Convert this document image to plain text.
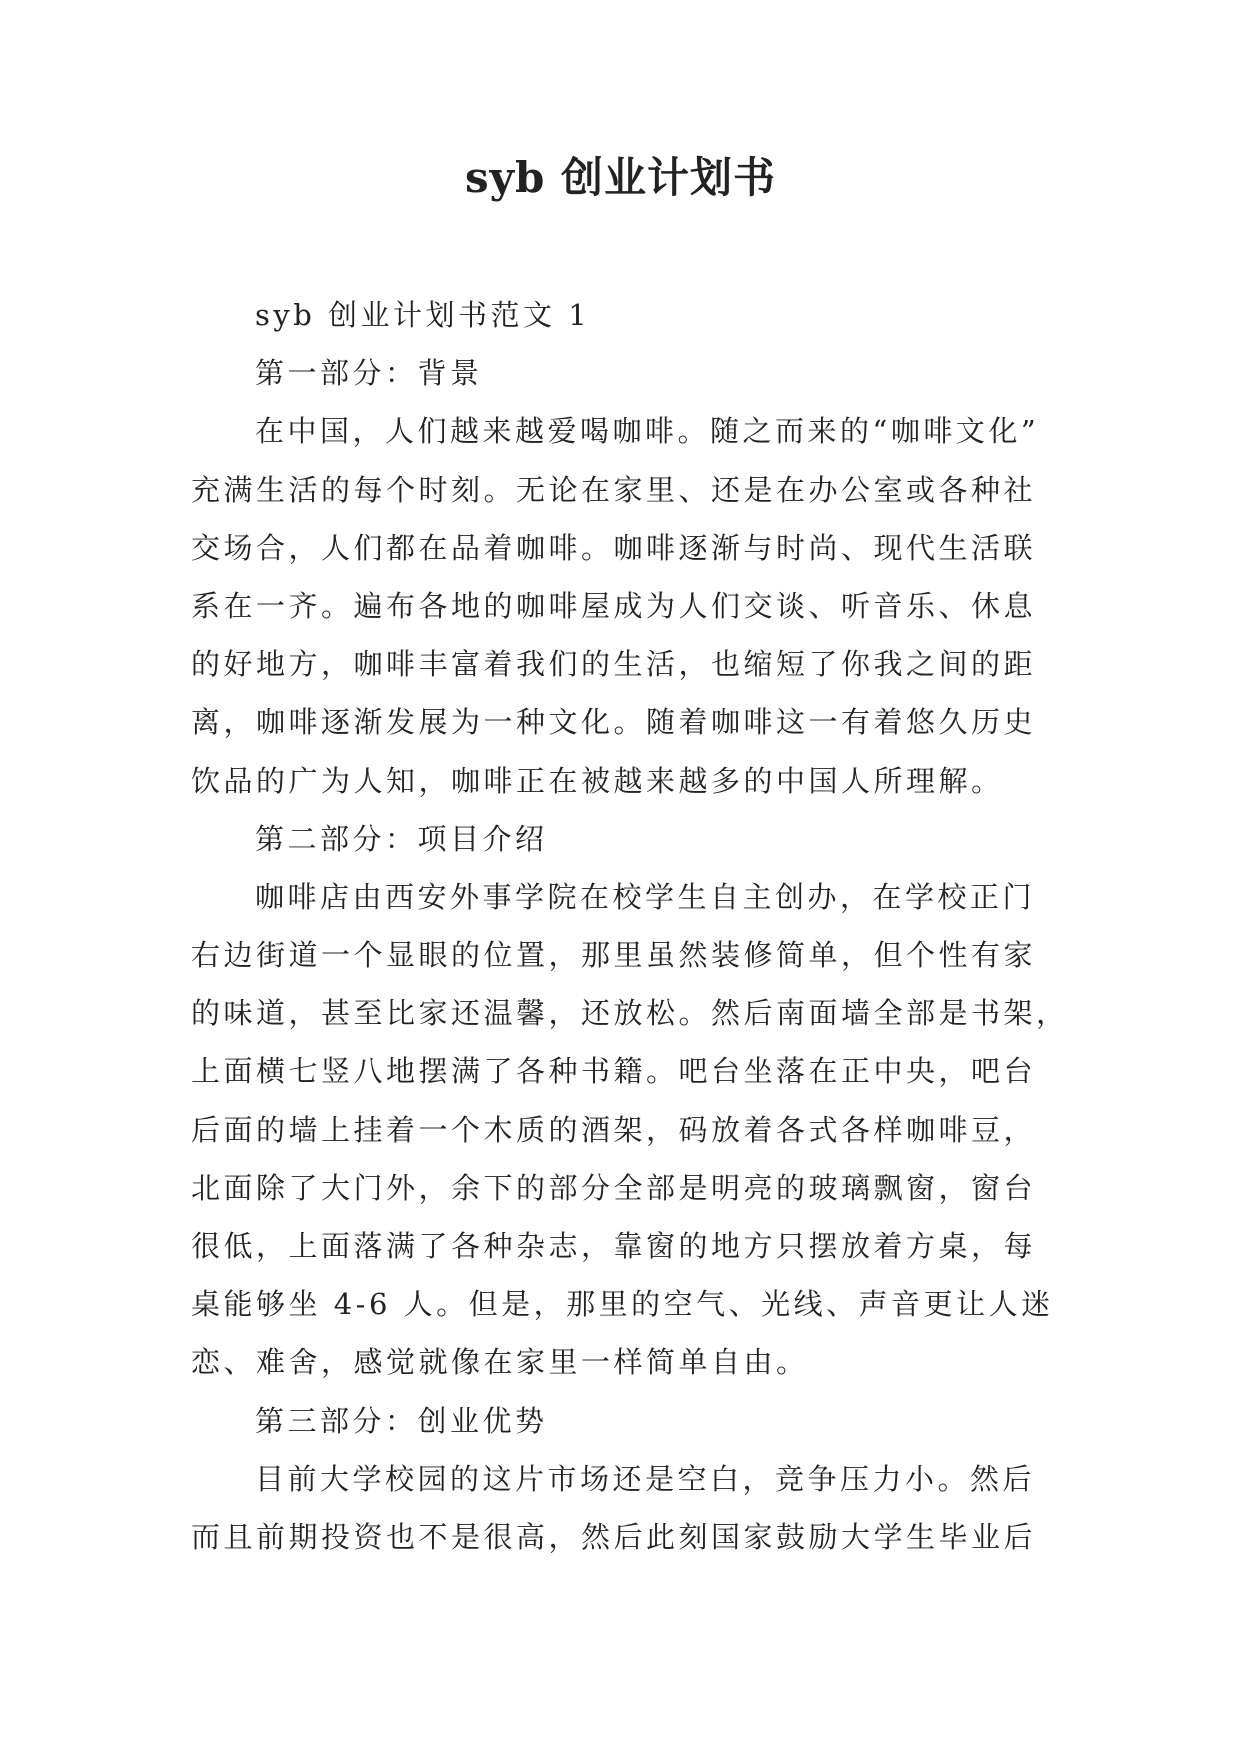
syb 创业计划书
syb 创业计划书范文 1
第一部分：背景
在中国，人们越来越爱喝咖啡。随之而来的“咖啡文化”
充满生活的每个时刻。无论在家里、还是在办公室或各种社
交场合，人们都在品着咖啡。咖啡逐渐与时尚、现代生活联
系在一齐。遍布各地的咖啡屋成为人们交谈、听音乐、休息
的好地方，咖啡丰富着我们的生活，也缩短了你我之间的距
离，咖啡逐渐发展为一种文化。随着咖啡这一有着悠久历史
饮品的广为人知，咖啡正在被越来越多的中国人所理解。
第二部分：项目介绍
咖啡店由西安外事学院在校学生自主创办，在学校正门
右边街道一个显眼的位置，那里虽然装修简单，但个性有家
的味道，甚至比家还温馨，还放松。然后南面墙全部是书架，
上面横七竖八地摆满了各种书籍。吧台坐落在正中央，吧台
后面的墙上挂着一个木质的酒架，码放着各式各样咖啡豆，
北面除了大门外，余下的部分全部是明亮的玻璃飘窗，窗台
很低，上面落满了各种杂志，靠窗的地方只摆放着方桌，每
桌能够坐 4-6 人。但是，那里的空气、光线、声音更让人迷
恋、难舍，感觉就像在家里一样简单自由。
第三部分：创业优势
目前大学校园的这片市场还是空白，竞争压力小。然后
而且前期投资也不是很高，然后此刻国家鼓励大学生毕业后
